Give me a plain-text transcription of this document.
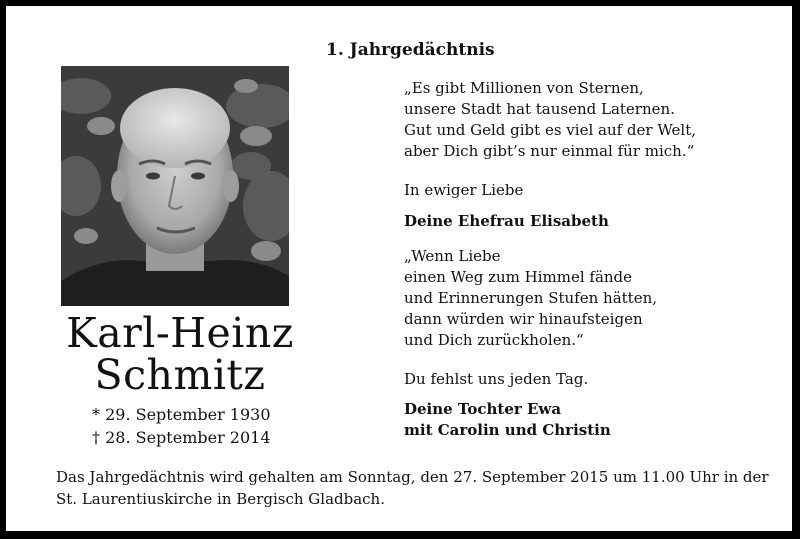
1. Jahrgedächtnis
Karl-Heinz
Schmitz
* 29. September 1930
† 28. September 2014
„Es gibt Millionen von Sternen,
unsere Stadt hat tausend Laternen.
Gut und Geld gibt es viel auf der Welt,
aber Dich gibt’s nur einmal für mich.“
In ewiger Liebe
Deine Ehefrau Elisabeth
„Wenn Liebe
einen Weg zum Himmel fände
und Erinnerungen Stufen hätten,
dann würden wir hinaufsteigen
und Dich zurückholen.“
Du fehlst uns jeden Tag.
Deine Tochter Ewa
mit Carolin und Christin
Das Jahrgedächtnis wird gehalten am Sonntag, den 27. September 2015 um 11.00 Uhr in der
St. Laurentiuskirche in Bergisch Gladbach.
